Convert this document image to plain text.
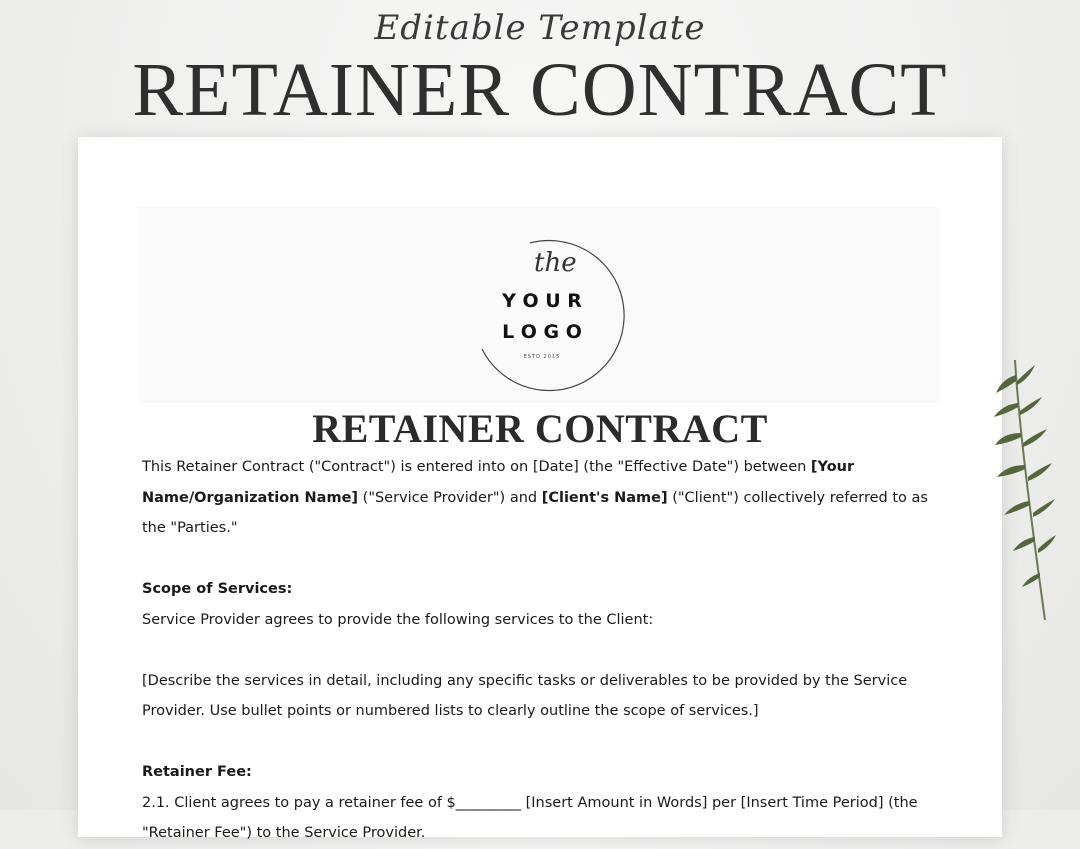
Editable Template
RETAINER CONTRACT
the
Y O U R
L O G O
ESTD 2015
RETAINER CONTRACT

This Retainer Contract ("Contract") is entered into on [Date] (the "Effective Date") between [Your Name/Organization Name] ("Service Provider") and [Client's Name] ("Client") collectively referred to as the "Parties."

Scope of Services:

Service Provider agrees to provide the following services to the Client:

[Describe the services in detail, including any specific tasks or deliverables to be provided by the Service Provider. Use bullet points or numbered lists to clearly outline the scope of services.]

Retainer Fee:

2.1. Client agrees to pay a retainer fee of $_________ [Insert Amount in Words] per [Insert Time Period] (the "Retainer Fee") to the Service Provider.
